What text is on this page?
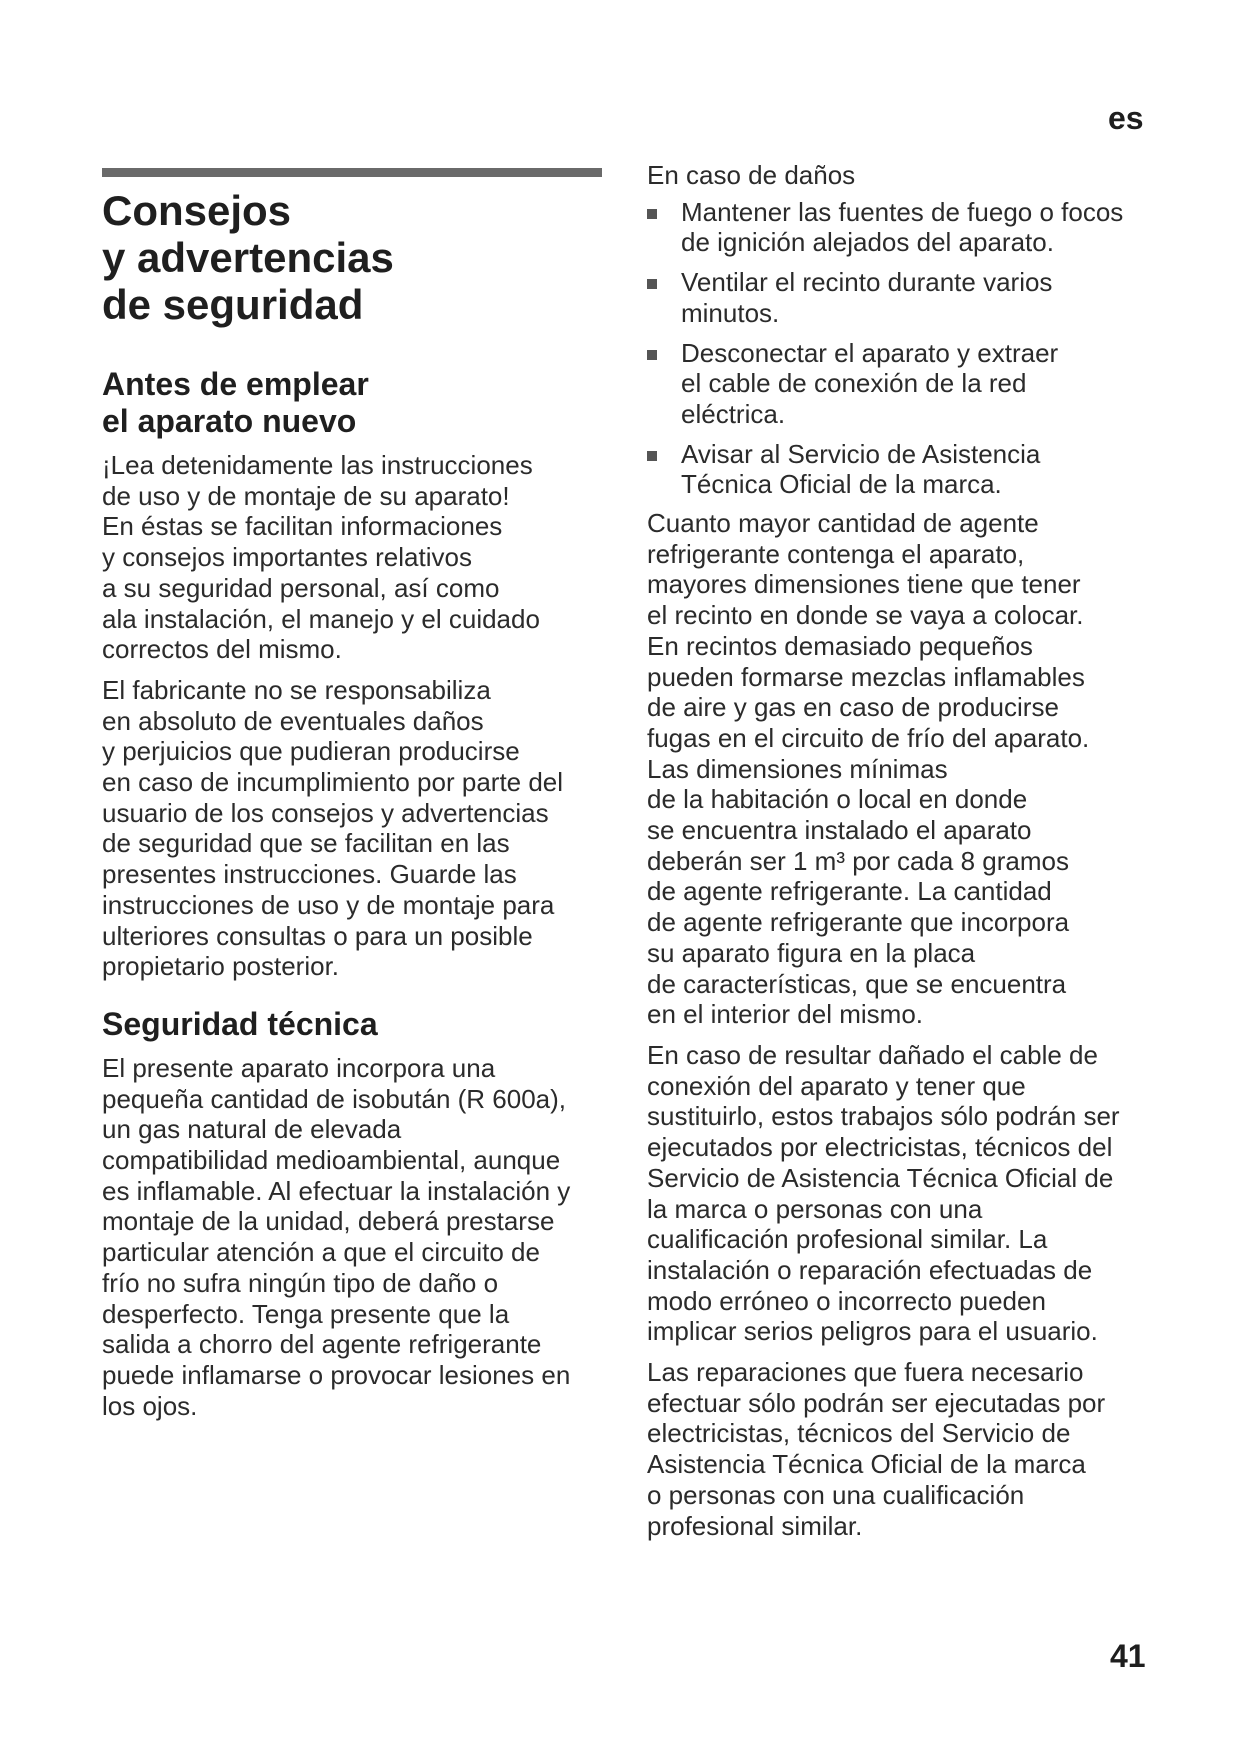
es
Consejos
y advertencias
de seguridad
Antes de emplear
el aparato nuevo

¡Lea detenidamente las instrucciones
de uso y de montaje de su aparato!
En éstas se facilitan informaciones
y consejos importantes relativos
a su seguridad personal, así como
ala instalación, el manejo y el cuidado
correctos del mismo.

El fabricante no se responsabiliza
en absoluto de eventuales daños
y perjuicios que pudieran producirse
en caso de incumplimiento por parte del
usuario de los consejos y advertencias
de seguridad que se facilitan en las
presentes instrucciones. Guarde las
instrucciones de uso y de montaje para
ulteriores consultas o para un posible
propietario posterior.

Seguridad técnica

El presente aparato incorpora una
pequeña cantidad de isobután (R 600a),
un gas natural de elevada
compatibilidad medioambiental, aunque
es inflamable. Al efectuar la instalación y
montaje de la unidad, deberá prestarse
particular atención a que el circuito de
frío no sufra ningún tipo de daño o
desperfecto. Tenga presente que la
salida a chorro del agente refrigerante
puede inflamarse o provocar lesiones en
los ojos.

En caso de daños

Mantener las fuentes de fuego o focos
de ignición alejados del aparato.
Ventilar el recinto durante varios
minutos.
Desconectar el aparato y extraer
el cable de conexión de la red
eléctrica.
Avisar al Servicio de Asistencia
Técnica Oficial de la marca.

Cuanto mayor cantidad de agente
refrigerante contenga el aparato,
mayores dimensiones tiene que tener
el recinto en donde se vaya a colocar.
En recintos demasiado pequeños
pueden formarse mezclas inflamables
de aire y gas en caso de producirse
fugas en el circuito de frío del aparato.
Las dimensiones mínimas
de la habitación o local en donde
se encuentra instalado el aparato
deberán ser 1 m³ por cada 8 gramos
de agente refrigerante. La cantidad
de agente refrigerante que incorpora
su aparato figura en la placa
de características, que se encuentra
en el interior del mismo.

En caso de resultar dañado el cable de
conexión del aparato y tener que
sustituirlo, estos trabajos sólo podrán ser
ejecutados por electricistas, técnicos del
Servicio de Asistencia Técnica Oficial de
la marca o personas con una
cualificación profesional similar. La
instalación o reparación efectuadas de
modo erróneo o incorrecto pueden
implicar serios peligros para el usuario.

Las reparaciones que fuera necesario
efectuar sólo podrán ser ejecutadas por
electricistas, técnicos del Servicio de
Asistencia Técnica Oficial de la marca
o personas con una cualificación
profesional similar.

41
